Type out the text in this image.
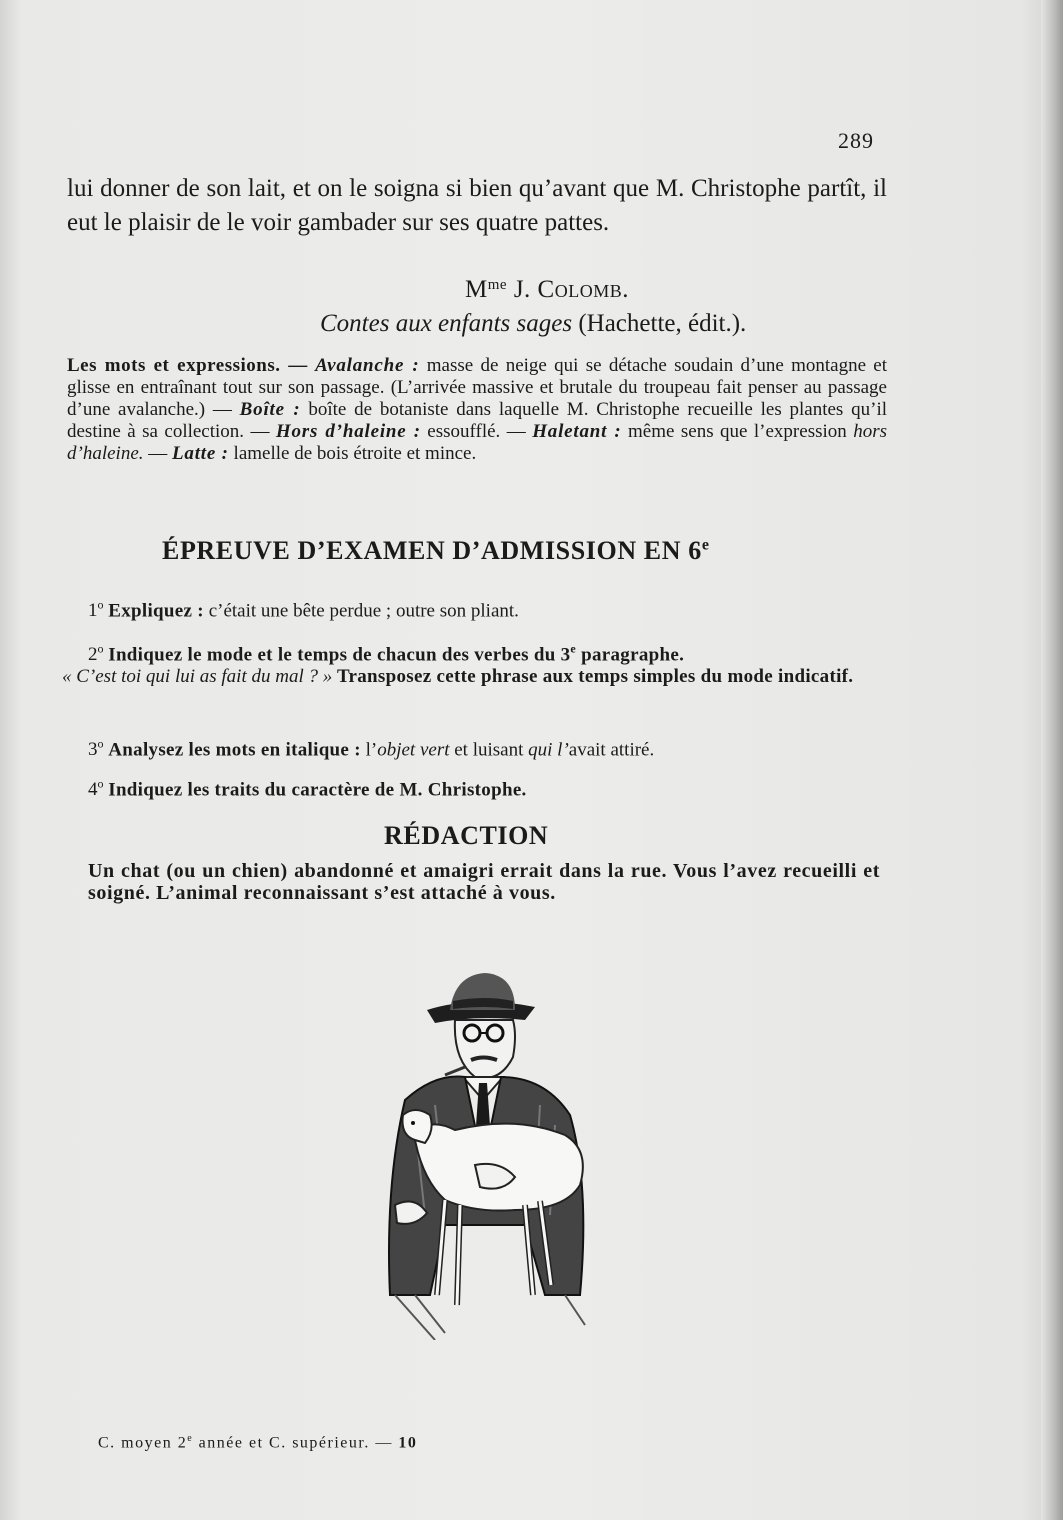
289
lui donner de son lait, et on le soigna si bien qu’avant que M. Christophe partît, il eut le plaisir de le voir gambader sur ses quatre pattes.
$M^{me}$ J. Colomb.
Contes aux enfants sages (Hachette, édit.).
Les mots et expressions. — Avalanche : masse de neige qui se détache soudain d’une montagne et glisse en entraînant tout sur son passage. (L’arrivée massive et brutale du troupeau fait penser au passage d’une avalanche.) — Boîte : boîte de botaniste dans laquelle M. Christophe recueille les plantes qu’il destine à sa collection. — Hors d’haleine : essoufflé. — Haletant : même sens que l’expression hors d’haleine. — Latte : lamelle de bois étroite et mince.
ÉPREUVE D’EXAMEN D’ADMISSION EN 6e
1$^o$ Expliquez : c’était une bête perdue ; outre son pliant.
2$^o$ Indiquez le mode et le temps de chacun des verbes du 3e paragraphe.
« C’est toi qui lui as fait du mal ? » Transposez cette phrase aux temps simples du mode indicatif.
3$^o$ Analysez les mots en italique : l’objet vert et luisant qui l’avait attiré.
4$^o$ Indiquez les traits du caractère de M. Christophe.
RÉDACTION
Un chat (ou un chien) abandonné et amaigri errait dans la rue. Vous l’avez recueilli et soigné. L’animal reconnaissant s’est attaché à vous.
C. moyen 2e année et C. supérieur. — 10
